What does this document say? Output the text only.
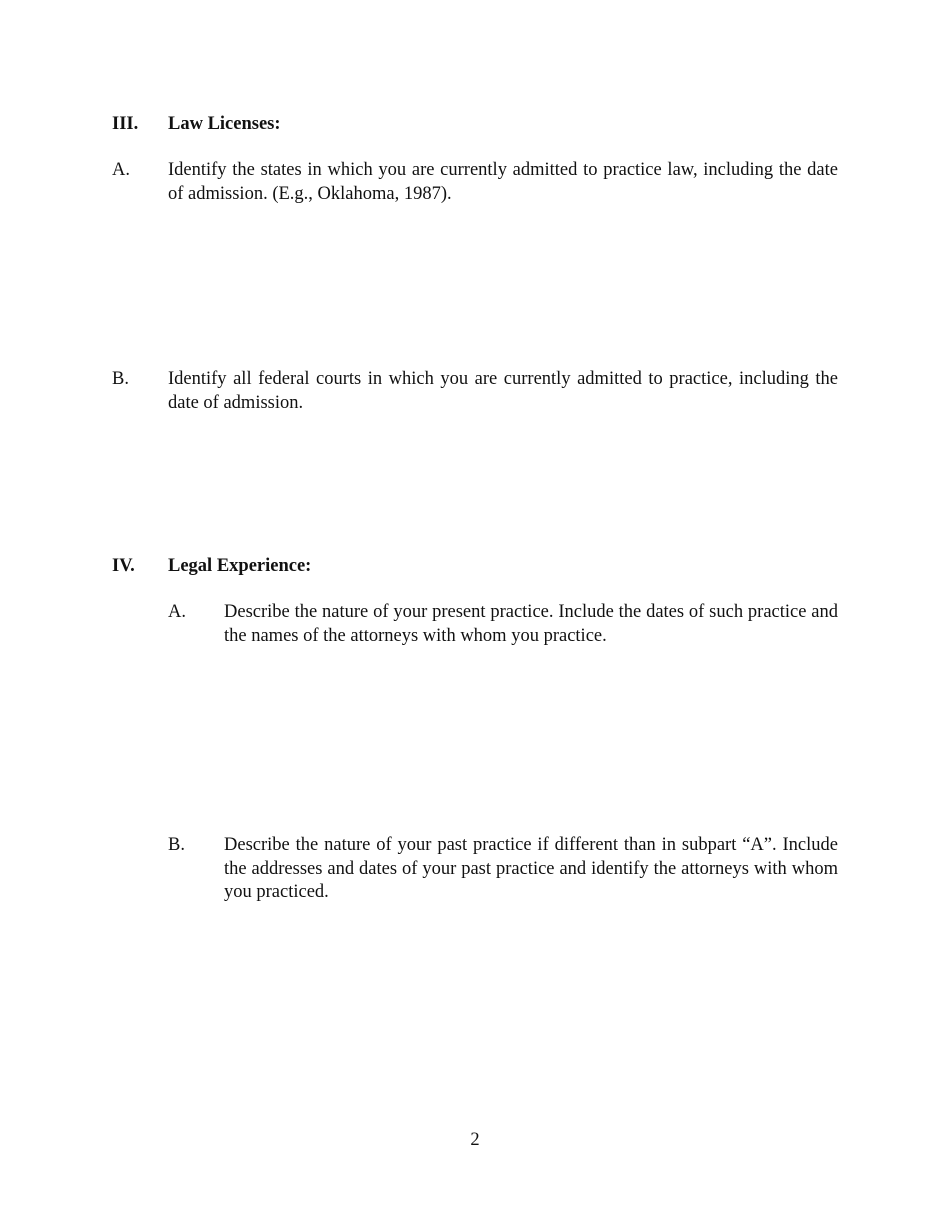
III. Law Licenses:
A. Identify the states in which you are currently admitted to practice law, including the date of admission. (E.g., Oklahoma, 1987).
B. Identify all federal courts in which you are currently admitted to practice, including the date of admission.
IV. Legal Experience:
A. Describe the nature of your present practice. Include the dates of such practice and the names of the attorneys with whom you practice.
B. Describe the nature of your past practice if different than in subpart “A”. Include the addresses and dates of your past practice and identify the attorneys with whom you practiced.
2
